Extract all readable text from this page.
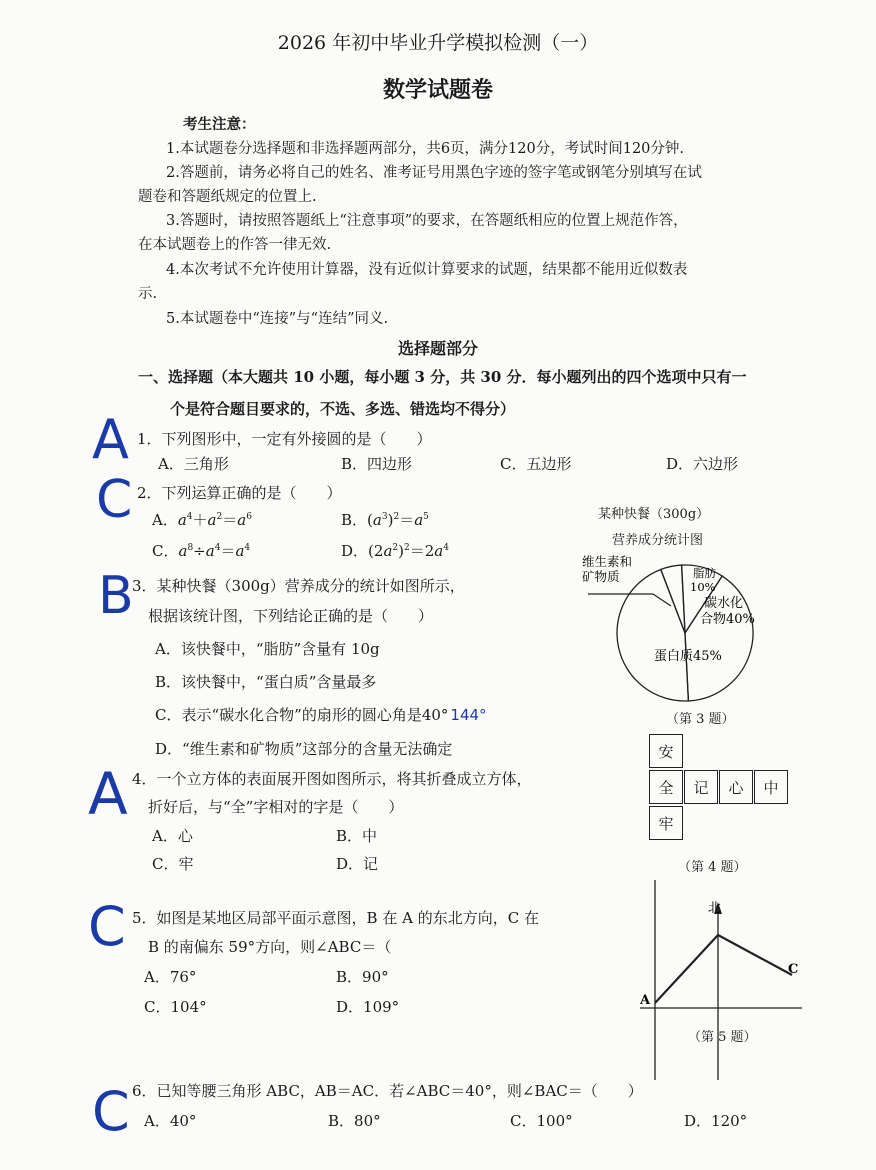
2026 年初中毕业升学模拟检测（一）
数学试题卷
考生注意：
1.本试题卷分选择题和非选择题两部分，共6页，满分120分，考试时间120分钟.
2.答题前，请务必将自己的姓名、准考证号用黑色字迹的签字笔或钢笔分别填写在试
题卷和答题纸规定的位置上.
3.答题时，请按照答题纸上“注意事项”的要求，在答题纸相应的位置上规范作答，
在本试题卷上的作答一律无效.
4.本次考试不允许使用计算器，没有近似计算要求的试题，结果都不能用近似数表
示.
5.本试题卷中“连接”与“连结”同义.
选择题部分
一、选择题（本大题共 10 小题，每小题 3 分，共 30 分．每小题列出的四个选项中只有一
个是符合题目要求的，不选、多选、错选均不得分）
A 1．下列图形中，一定有外接圆的是（　　）
A．三角形	B．四边形	C．五边形	D．六边形
C 2．下列运算正确的是（　　）
A．$a^4+a^2=a^6$	B．$(a^3)^2=a^5$
C．$a^8\div a^4=a^4$	D．$(2a^2)^2=2a^4$
B
3．某种快餐（300g）营养成分的统计如图所示，
根据该统计图，下列结论正确的是（　　）
A．该快餐中，“脂肪”含量有 10g
B．该快餐中，“蛋白质”含量最多
C．表示“碳水化合物”的扇形的圆心角是40° 144°
D．“维生素和矿物质”这部分的含量无法确定
某种快餐（300g）
营养成分统计图
脂肪
10%
碳水化
合物40%
蛋白质45%
维生素和
矿物质
（第 3 题）
A 4．一个立方体的表面展开图如图所示，将其折叠成立方体，
折好后，与“全”字相对的字是（　　）
A．心	B．中
C．牢	D．记
安
全	记	心	中
牢
（第 4 题）
C 5．如图是某地区局部平面示意图，B 在 A 的东北方向，C 在
B 的南偏东 59°方向，则∠ABC＝（
A．76°	B．90°
C．104°	D．109°
北
A
C
（第 5 题）
C 6．已知等腰三角形 ABC，AB＝AC．若∠ABC＝40°，则∠BAC＝（　　）
A．40°	B．80°	C．100°	D．120°
